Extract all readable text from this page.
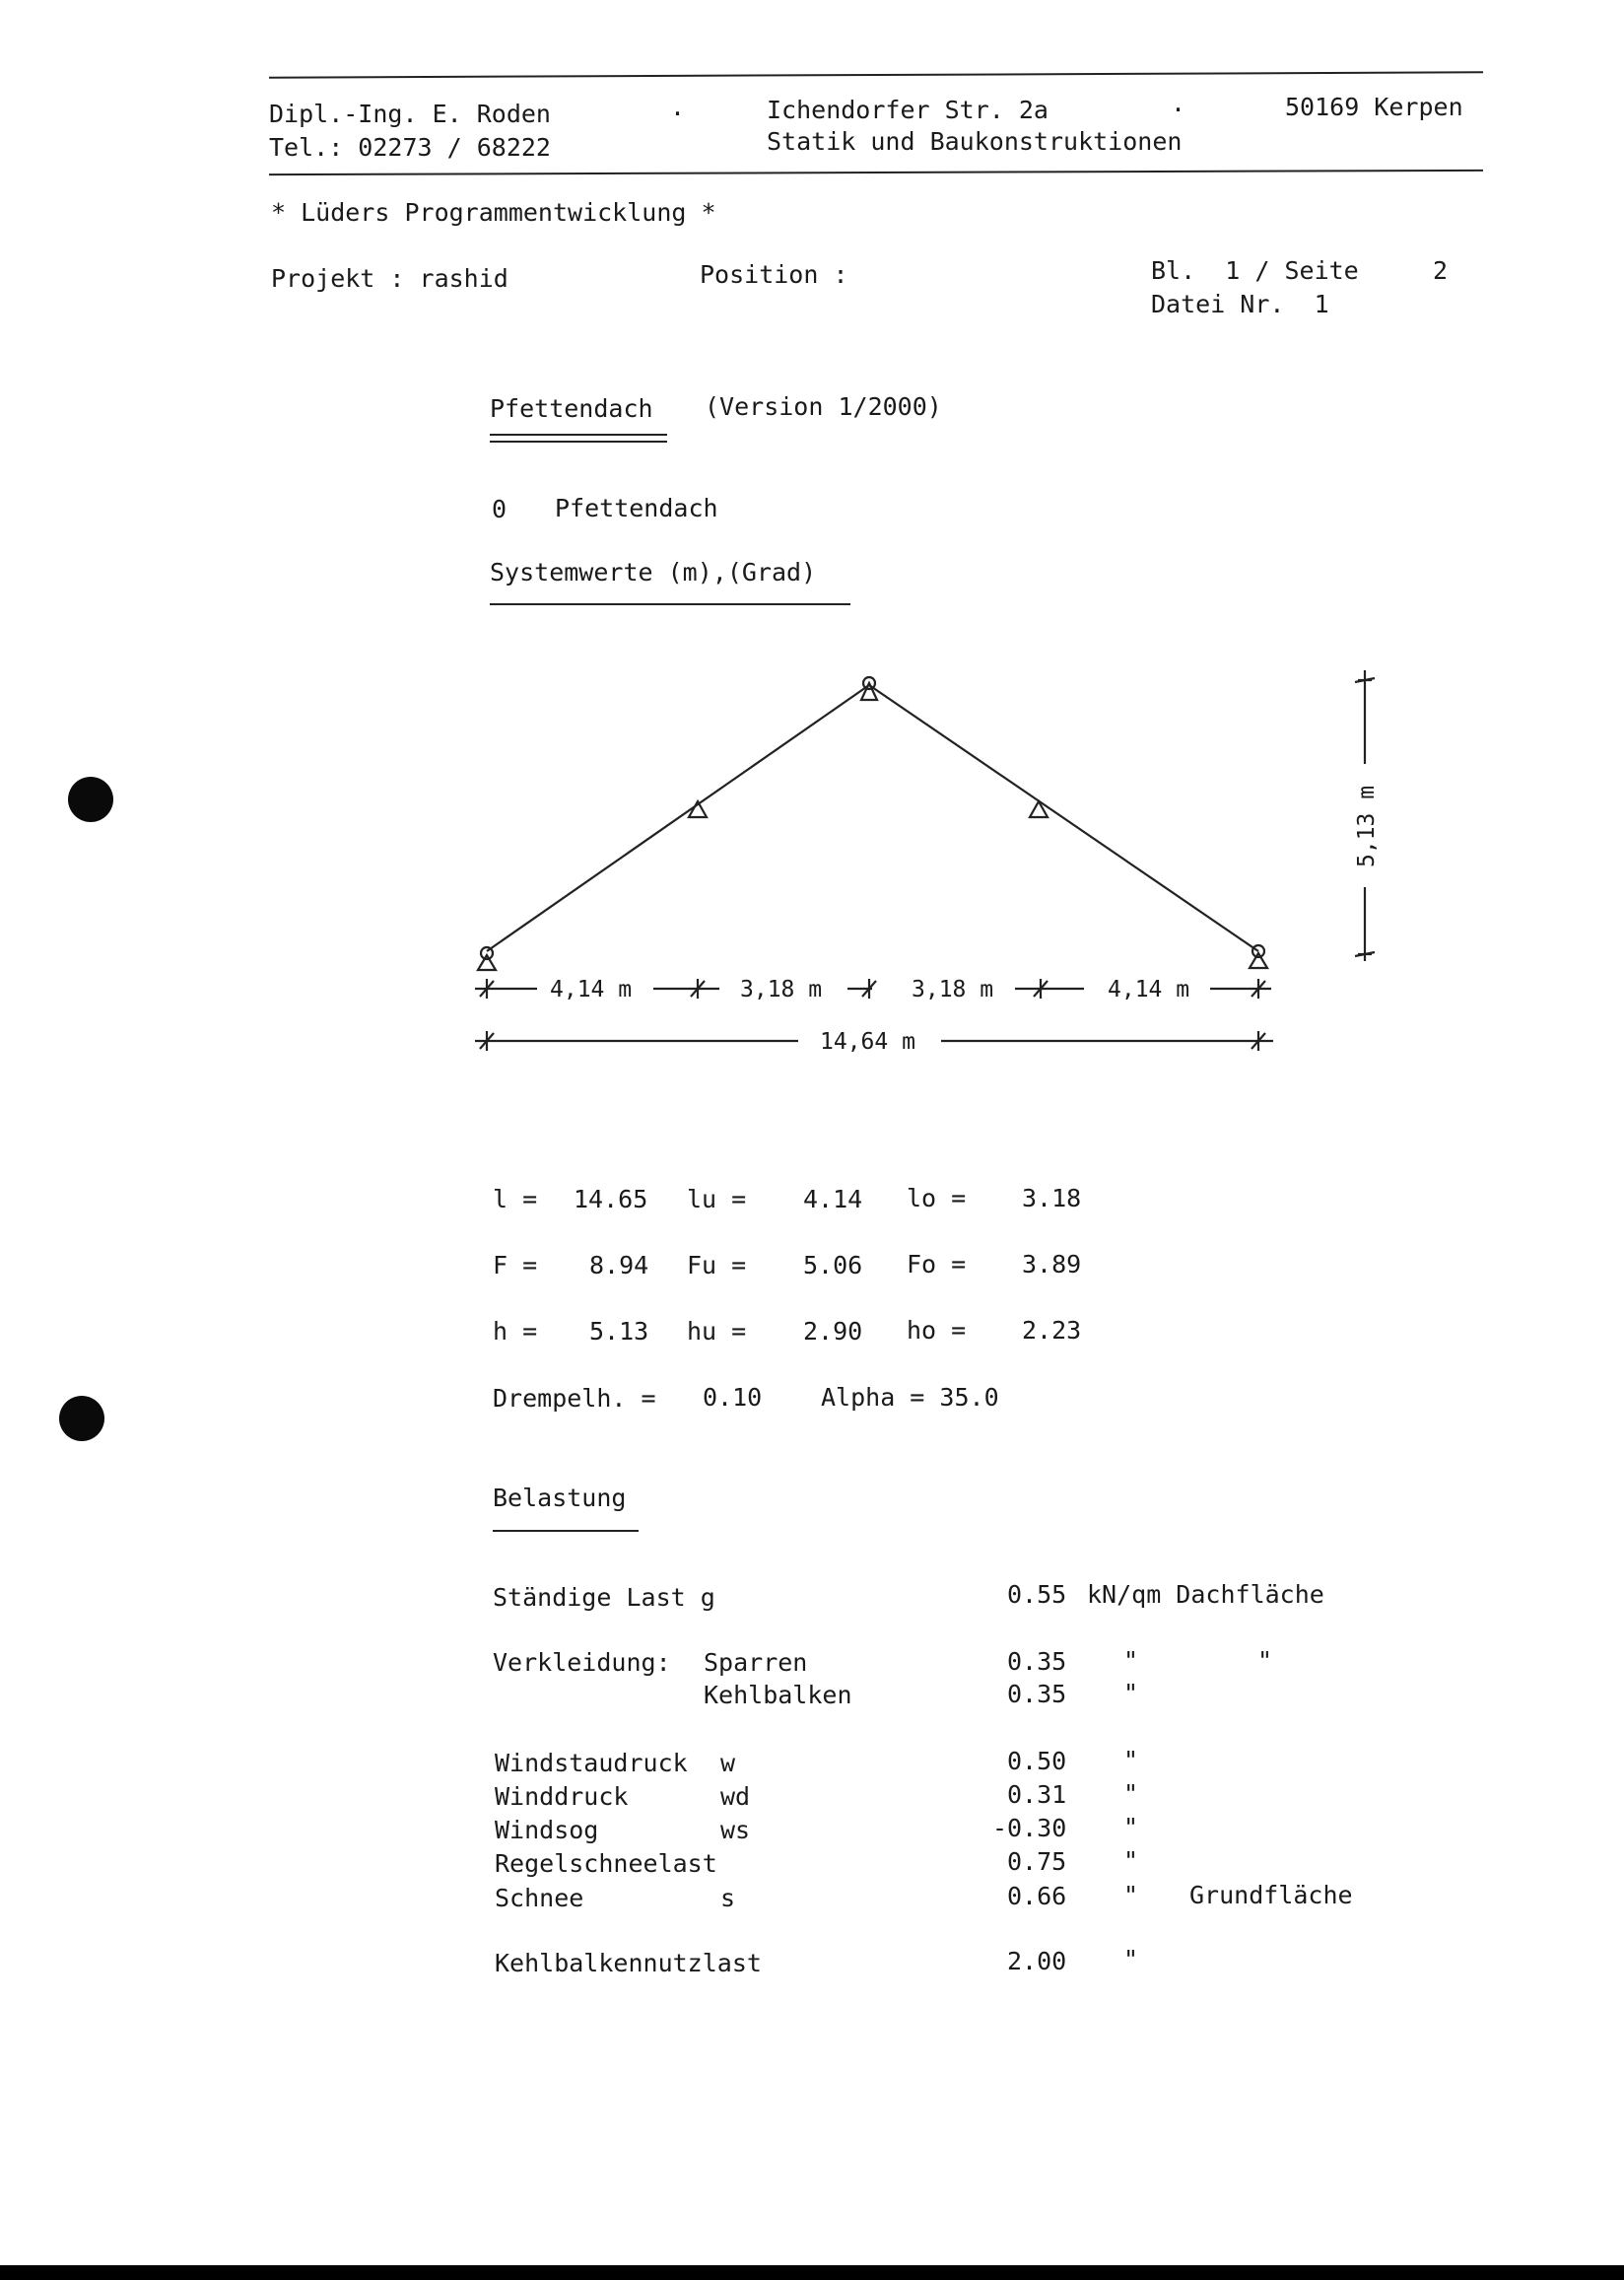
Dipl.-Ing. E. Roden
Tel.: 02273 / 68222
·	Ichendorfer Str. 2a
Statik und Baukonstruktionen
·	50169 Kerpen
* Lüders Programmentwicklung *
Projekt : rashid	Position :	Bl.  1 / Seite     2
Datei Nr.  1
Pfettendach (Version 1/2000)
0 Pfettendach
Systemwerte (m),(Grad)
4,14 m	3,18 m	3,18 m	4,14 m
14,64 m
5,13 m
l = 14.65 lu = 4.14 lo = 3.18
F = 8.94 Fu = 5.06 Fo = 3.89
h = 5.13 hu = 2.90 ho = 2.23
Drempelh. = 0.10 Alpha = 35.0
Belastung
Ständige Last g	0.55 kN/qm Dachfläche
Verkleidung: Sparren	0.35 "	"
Kehlbalken	0.35 "
Windstaudruck w	0.50 "
Winddruck	wd	0.31 "
Windsog	ws	-0.30 "
Regelschneelast	0.75 "
Schnee	s	0.66 " Grundfläche
Kehlbalkennutzlast	2.00 "
